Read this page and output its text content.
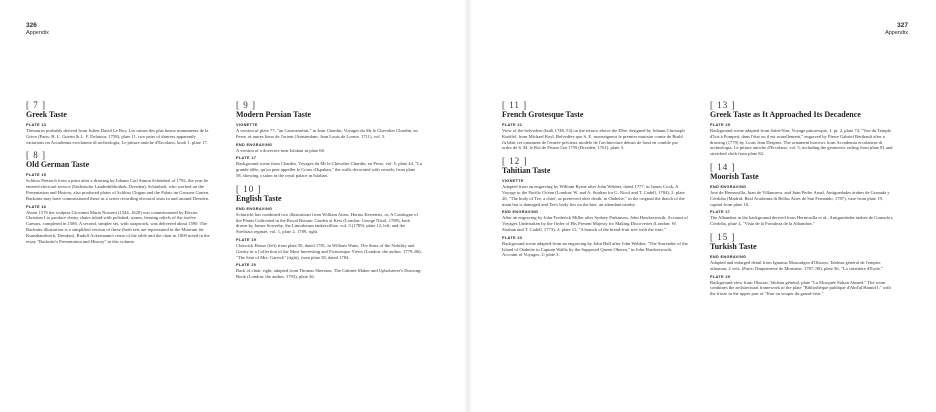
326
Appendix
[ 7 ]
Greek Taste
PLATE 13
Thesaurus probably derived from Julien David Le Roy, Les ruines des plus beaux monuments de la Grèce (Paris: H. L. Guerin & L. F. Delatour, 1758), plate 11, two pairs of dancers apparently variations on Accademia ercolanese di archeologia, Le pitture antiche d'Ercolano, book 1, plate 17.
[ 8 ]
Old German Taste
PLATE 15
Schloss Pretzsch from a print after a drawing by Johann Carl Simon Schönheit of 1792, the year he entered electoral service (Sächsische Landesbibliothek, Dresden). Schönheit, who worked on the Presentation and History, also produced plates of Schloss Chigan and the Palais im Grossen Garten. Racknitz may have commissioned these as a series recording electoral seats in and around Dresden.
PLATE 16
About 1576 the sculptor Giovanni Maria Nosseni (1544–1620) was commissioned by Elector Christian I to produce ebony chairs inlaid with polished, stones, bearing reliefs of the twelve Caesars, completed in 1586. A second, simpler set, with strapwork, was delivered about 1590. The Racknitz illustration is a simplified version of these (both sets are represented in the Museum für Kunsthandwerk, Dresden). Rudolf Ackermann's reuse of the table and the chair in 1809 noted in the essay "Racknitz's Presentation and History" in this volume.
[ 9 ]
Modern Persian Taste
VIGNETTE
A version of plate 77, "un Caravansérai," in Jean Chardin, Voyages du Mr le Chevalier Chardin, en Perse, et autres lieux de l'orient (Amsterdam: Jean Louis de Lorme, 1711), vol. 5.
END ENGRAVING
A version of a dovecote near Isfahan in plate 60.
PLATE 17
Background scene from Chardin, Voyages du Mr le Chevalier Chardin, en Perse, vol. 5, plate 44, "La grande allée, qu'on peut appeller le Cours d'Ispahan," the walls decorated with vessels, from plate 58, showing a salon in the royal palace in Isfahan.
[ 10 ]
English Taste
END ENGRAVING
Schuricht has combined two illustrations from William Aiton, Hortus Kewensis, or, A Catalogue of the Plants Cultivated in the Royal Botanic Garden at Kew (London: George Nicol, 1789), both drawn by James Sowerby, the Limodorum tankervilliae, vol. 3 (1789), plate 12, left, and the Strelitzia reginae, vol. 1, plate 2, 1789, right.
PLATE 19
Chiswick House (left) from plate 50, dated 1781, in William Watts, The Seats of the Nobility and Gentry in a Collection of the Most Interesting and Picturesque Views (London: the author, 1779–86). "The Seat of Mrs. Garrick" (right), from plate 58, dated 1784.
PLATE 20
Back of chair, right, adapted from Thomas Sheraton, The Cabinet-Maker and Upholsterer's Drawing-Book (London: the author, 1793), plate 36.
327
Appendix
[ 11 ]
French Grotesque Taste
PLATE 21
View of the belvedere (built 1748–53) on the terrace above the Elbe, designed by Johann Christoph Knöffel, from Michael Keyl, Belvedère que S. E. monseigneur le premier ministre comte de Bruhl fit bâtir cet ornament de l'entrée précieux modele de l'architecture détruit de fond en comble par ordre de S. M. le Roi de Prusse l'an 1759 (Dresden, 1761), plate 3.
[ 12 ]
Tahitian Taste
VIGNETTE
Adapted from an engraving by William Byrne after John Webber, dated 1777, in James Cook, A Voyage to the Pacific Ocean (London: W. and A. Strahan for G. Nicol and T. Cadell, 1784), 2: plate 26, "The body of Tee, a chief, as preserved after death, in Otaheite," in the original the thatch of the main hut is damaged and Tee's body lies on the bier, an attendant nearby.
END ENGRAVING
After an engraving by John Frederick Miller after Sydney Parkinson, John Hawkesworth, Account of Voyages Undertaken by the Order of His Present Majesty for Making Discoveries (London: W. Strahan and T. Cadell, 1773), 2: plate 11, "A branch of the bread-fruit tree with the fruit."
PLATE 23
Background scene adapted from an engraving by John Hall after John Webber, "The Surrender of the Island of Otaheite to Captain Wallis by the Supposed Queen Oberea," in John Hawkesworth, Account of Voyages, 2: plate 3.
[ 13 ]
Greek Taste as It Approached Its Decadence
PLATE 25
Background scene adapted from Saint-Non, Voyage pittoresque, 1: pt. 2, plate 74, "Vue du Temple d'Isis à Pompeii, dans l'état ou il est actuellement," engraved by Pierre Gabriel Berthault after a drawing (1779) by Louis Jean Desprez. The ornament borrows from Accademia ercolanese di archeologia, Le pitture antiche d'Ercolano, vol. 5, including the geometric railing from plate 81 and stretched cloth from plate 84.
[ 14 ]
Moorish Taste
END ENGRAVING
José de Hermosilla, Juan de Villanueva, and Juan Pedro Arnal, Antiguedades árabes de Granada y Córdoba (Madrid: Real Academia di Bellas Artes de San Fernando, 1787), vase from plate 19, capital from plate 16.
PLATE 27
The Alhambra in the background derived from Hermosilla et al., Antiguedades árabes de Granada y Córdoba, plate 4, "Vista de la Fortaleza de la Alhambra."
[ 15 ]
Turkish Taste
END ENGRAVING
Adapted and enlarged detail from Ignatius Mouradgea d'Ohsson, Tableau général de l'empire othoman, 2 vols. (Paris: l'Imprimerie de Monsieur, 1787–90), plate 56, "La cimetière d'Eyub."
PLATE 29
Background view from Ohsson, Tableau général, plate "La Mosquée Sultan Ahmed." The room combines the architectural framework of the plate "Bibliothèque publique d'Abd'ul Hamid I," with the frieze in the upper part of "Iftar ou souper du grand-visir."
